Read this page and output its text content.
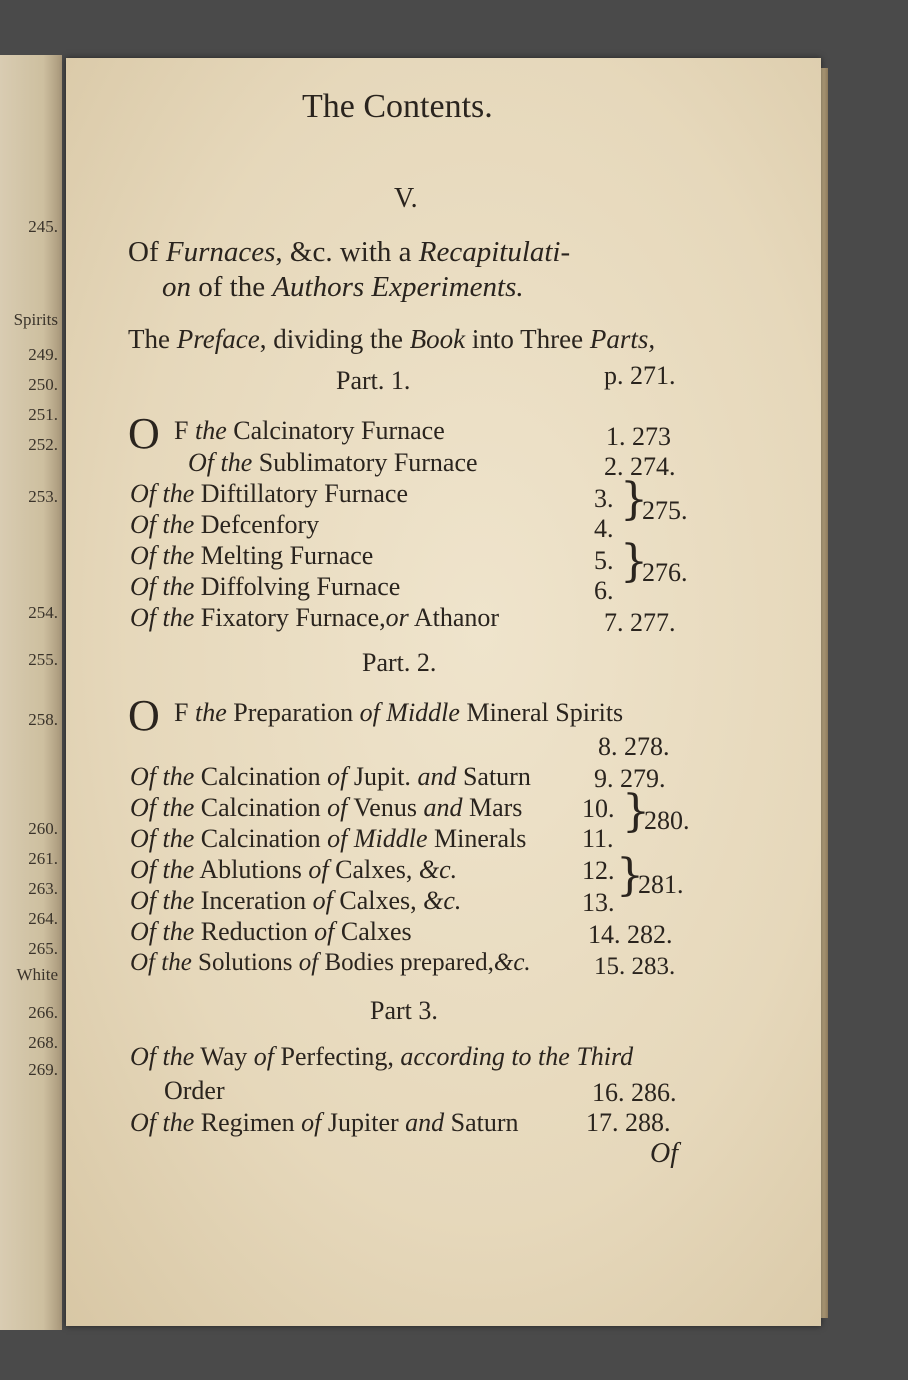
245.
Spirits
249.
250.
251.
252.
253.
254.
255.
258.
260.
261.
263.
264.
265.
White
266.
268.
269.
The Contents.
V.
Of Furnaces, &c. with a Recapitulati-
on of the Authors Experiments.
The Preface, dividing the Book into Three Parts,
Part. 1.	p. 271.
O F the Calcinatory Furnace	1. 273
Of the Sublimatory Furnace	2. 274.
Of the Diftillatory Furnace	3.
Of the Defcenfory	4.
}
275.
Of the Melting Furnace	5.
Of the Diffolving Furnace	6.
}
276.
Of the Fixatory Furnace,or Athanor	7. 277.
Part. 2.
O F the Preparation of Middle Mineral Spirits
8. 278.
Of the Calcination of Jupit. and Saturn 9. 279.
Of the Calcination of Venus and Mars 10.
Of the Calcination of Middle Minerals 11.
}
280.
Of the Ablutions of Calxes, &c.	12.
Of the Inceration of Calxes, &c.	13.
}
281.
Of the Reduction of Calxes	14. 282.
Of the Solutions of Bodies prepared,&c.	15. 283.
Part 3.
Of the Way of Perfecting, according to the Third
Order	16. 286.
Of the Regimen of Jupiter and Saturn	17. 288.
Of
